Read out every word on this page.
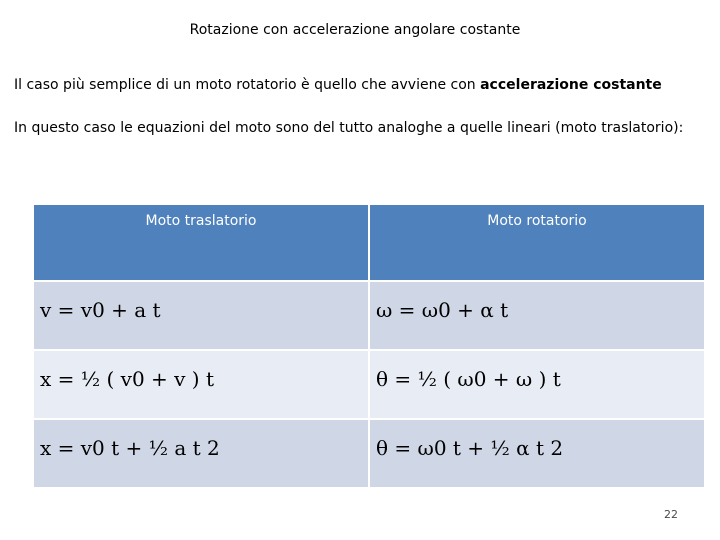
Rotazione con accelerazione angolare costante
Il caso più semplice di un moto rotatorio è quello che avviene con accelerazione costante
In questo caso le equazioni del moto sono del tutto analoghe a quelle lineari (moto traslatorio):
Moto traslatorio	Moto rotatorio
v = v0 + a t	ω = ω0 + α t
x = ½ ( v0 + v ) t	θ = ½ ( ω0 + ω ) t
x = v0 t + ½ a t 2	θ = ω0 t + ½ α t 2
22
